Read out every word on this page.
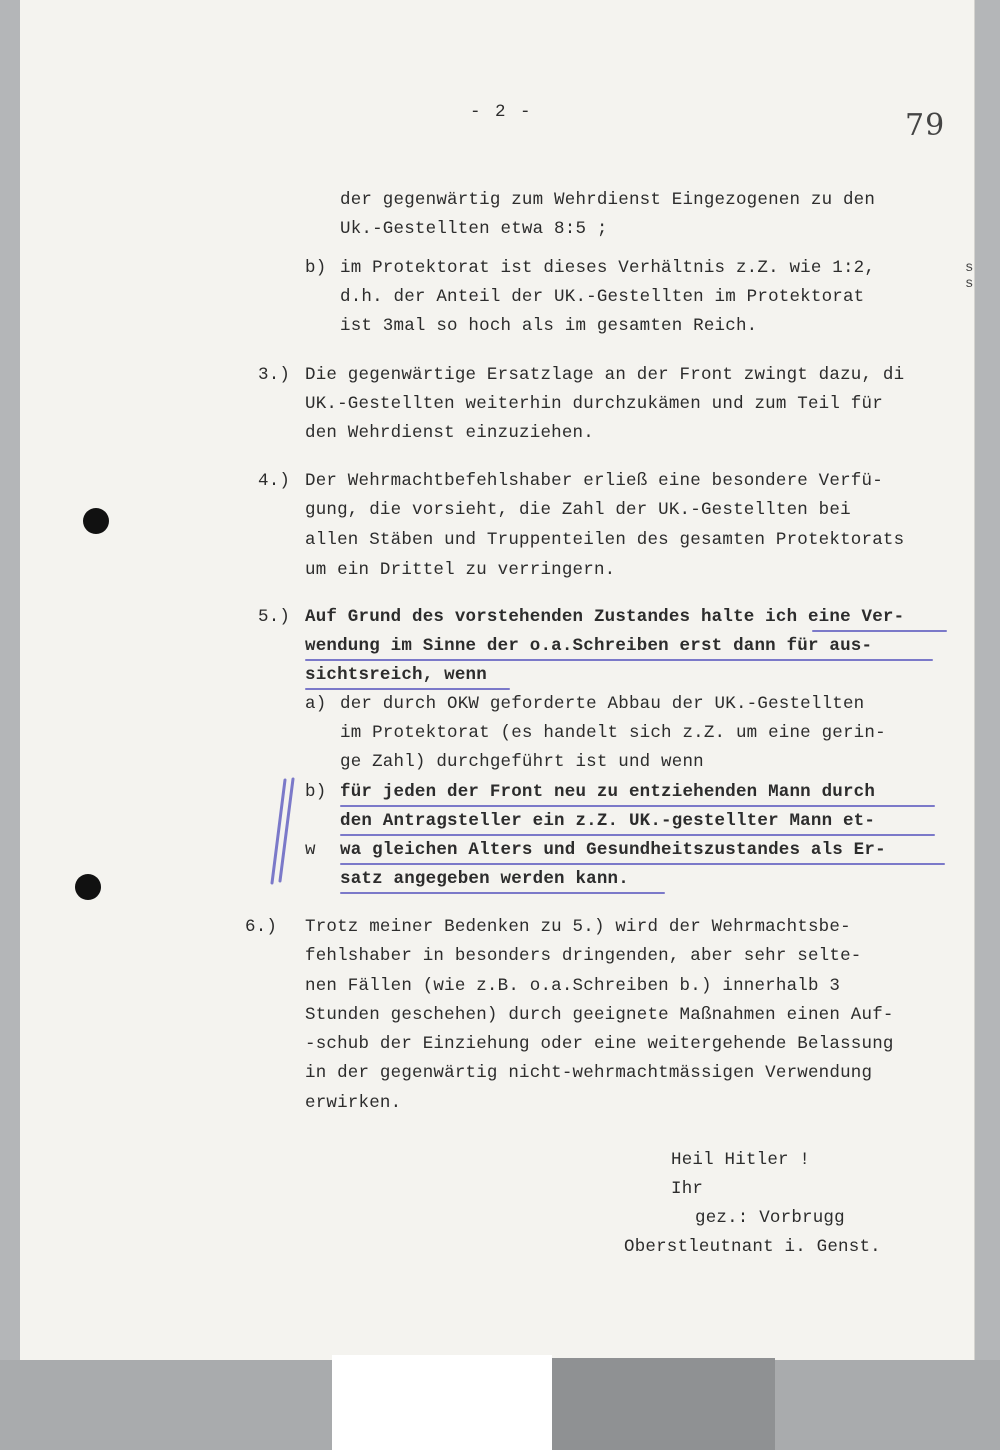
- 2 -	79
der gegenwärtig zum Wehrdienst Eingezogenen zu den
Uk.-Gestellten etwa 8:5 ;
b) im Protektorat ist dieses Verhältnis z.Z. wie 1:2,
d.h. der Anteil der UK.-Gestellten im Protektorat
ist 3mal so hoch als im gesamten Reich.
3.) Die gegenwärtige Ersatzlage an der Front zwingt dazu, di
UK.-Gestellten weiterhin durchzukämen und zum Teil für
den Wehrdienst einzuziehen.
4.) Der Wehrmachtbefehlshaber erließ eine besondere Verfü-
gung, die vorsieht, die Zahl der UK.-Gestellten bei
allen Stäben und Truppenteilen des gesamten Protektorats
um ein Drittel zu verringern.
5.) Auf Grund des vorstehenden Zustandes halte ich eine Ver-
wendung im Sinne der o.a.Schreiben erst dann für aus-
sichtsreich, wenn
a) der durch OKW geforderte Abbau der UK.-Gestellten
im Protektorat (es handelt sich z.Z. um eine gerin-
ge Zahl) durchgeführt ist und wenn
b) für jeden der Front neu zu entziehenden Mann durch
den Antragsteller ein z.Z. UK.-gestellter Mann et-
w wa gleichen Alters und Gesundheitszustandes als Er-
satz angegeben werden kann.
6.) Trotz meiner Bedenken zu 5.) wird der Wehrmachtsbe-
fehlshaber in besonders dringenden, aber sehr selte-
nen Fällen (wie z.B. o.a.Schreiben b.) innerhalb 3
Stunden geschehen) durch geeignete Maßnahmen einen Auf-
-schub der Einziehung oder eine weitergehende Belassung
in der gegenwärtig nicht-wehrmachtmässigen Verwendung
erwirken.
Heil Hitler !
Ihr
gez.: Vorbrugg
Oberstleutnant i. Genst.
s
s
